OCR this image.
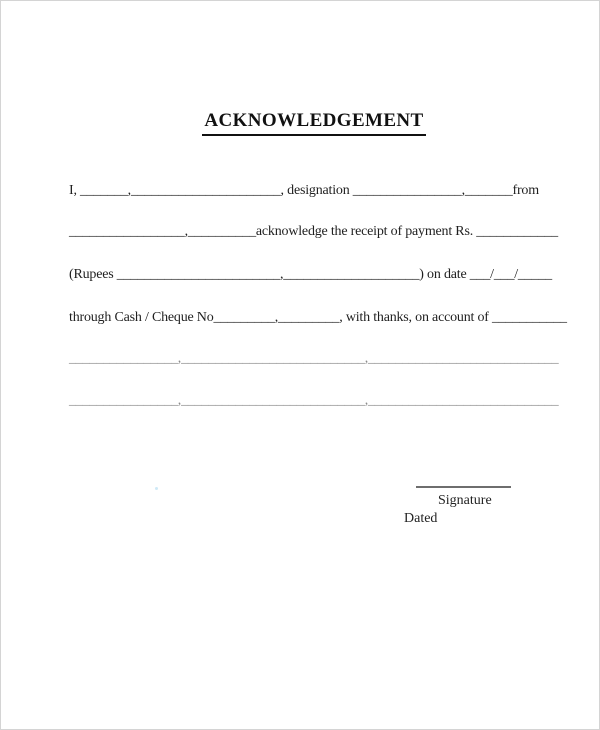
ACKNOWLEDGEMENT
I, _______,______________________, designation ________________,_______from
_________________,__________acknowledge the receipt of payment Rs. ____________
(Rupees ________________________,____________________) on date ___/___/_____
through Cash / Cheque No_________,_________, with thanks, on account of ___________
________________,___________________________,____________________________
________________,___________________________,____________________________
Signature
Dated
